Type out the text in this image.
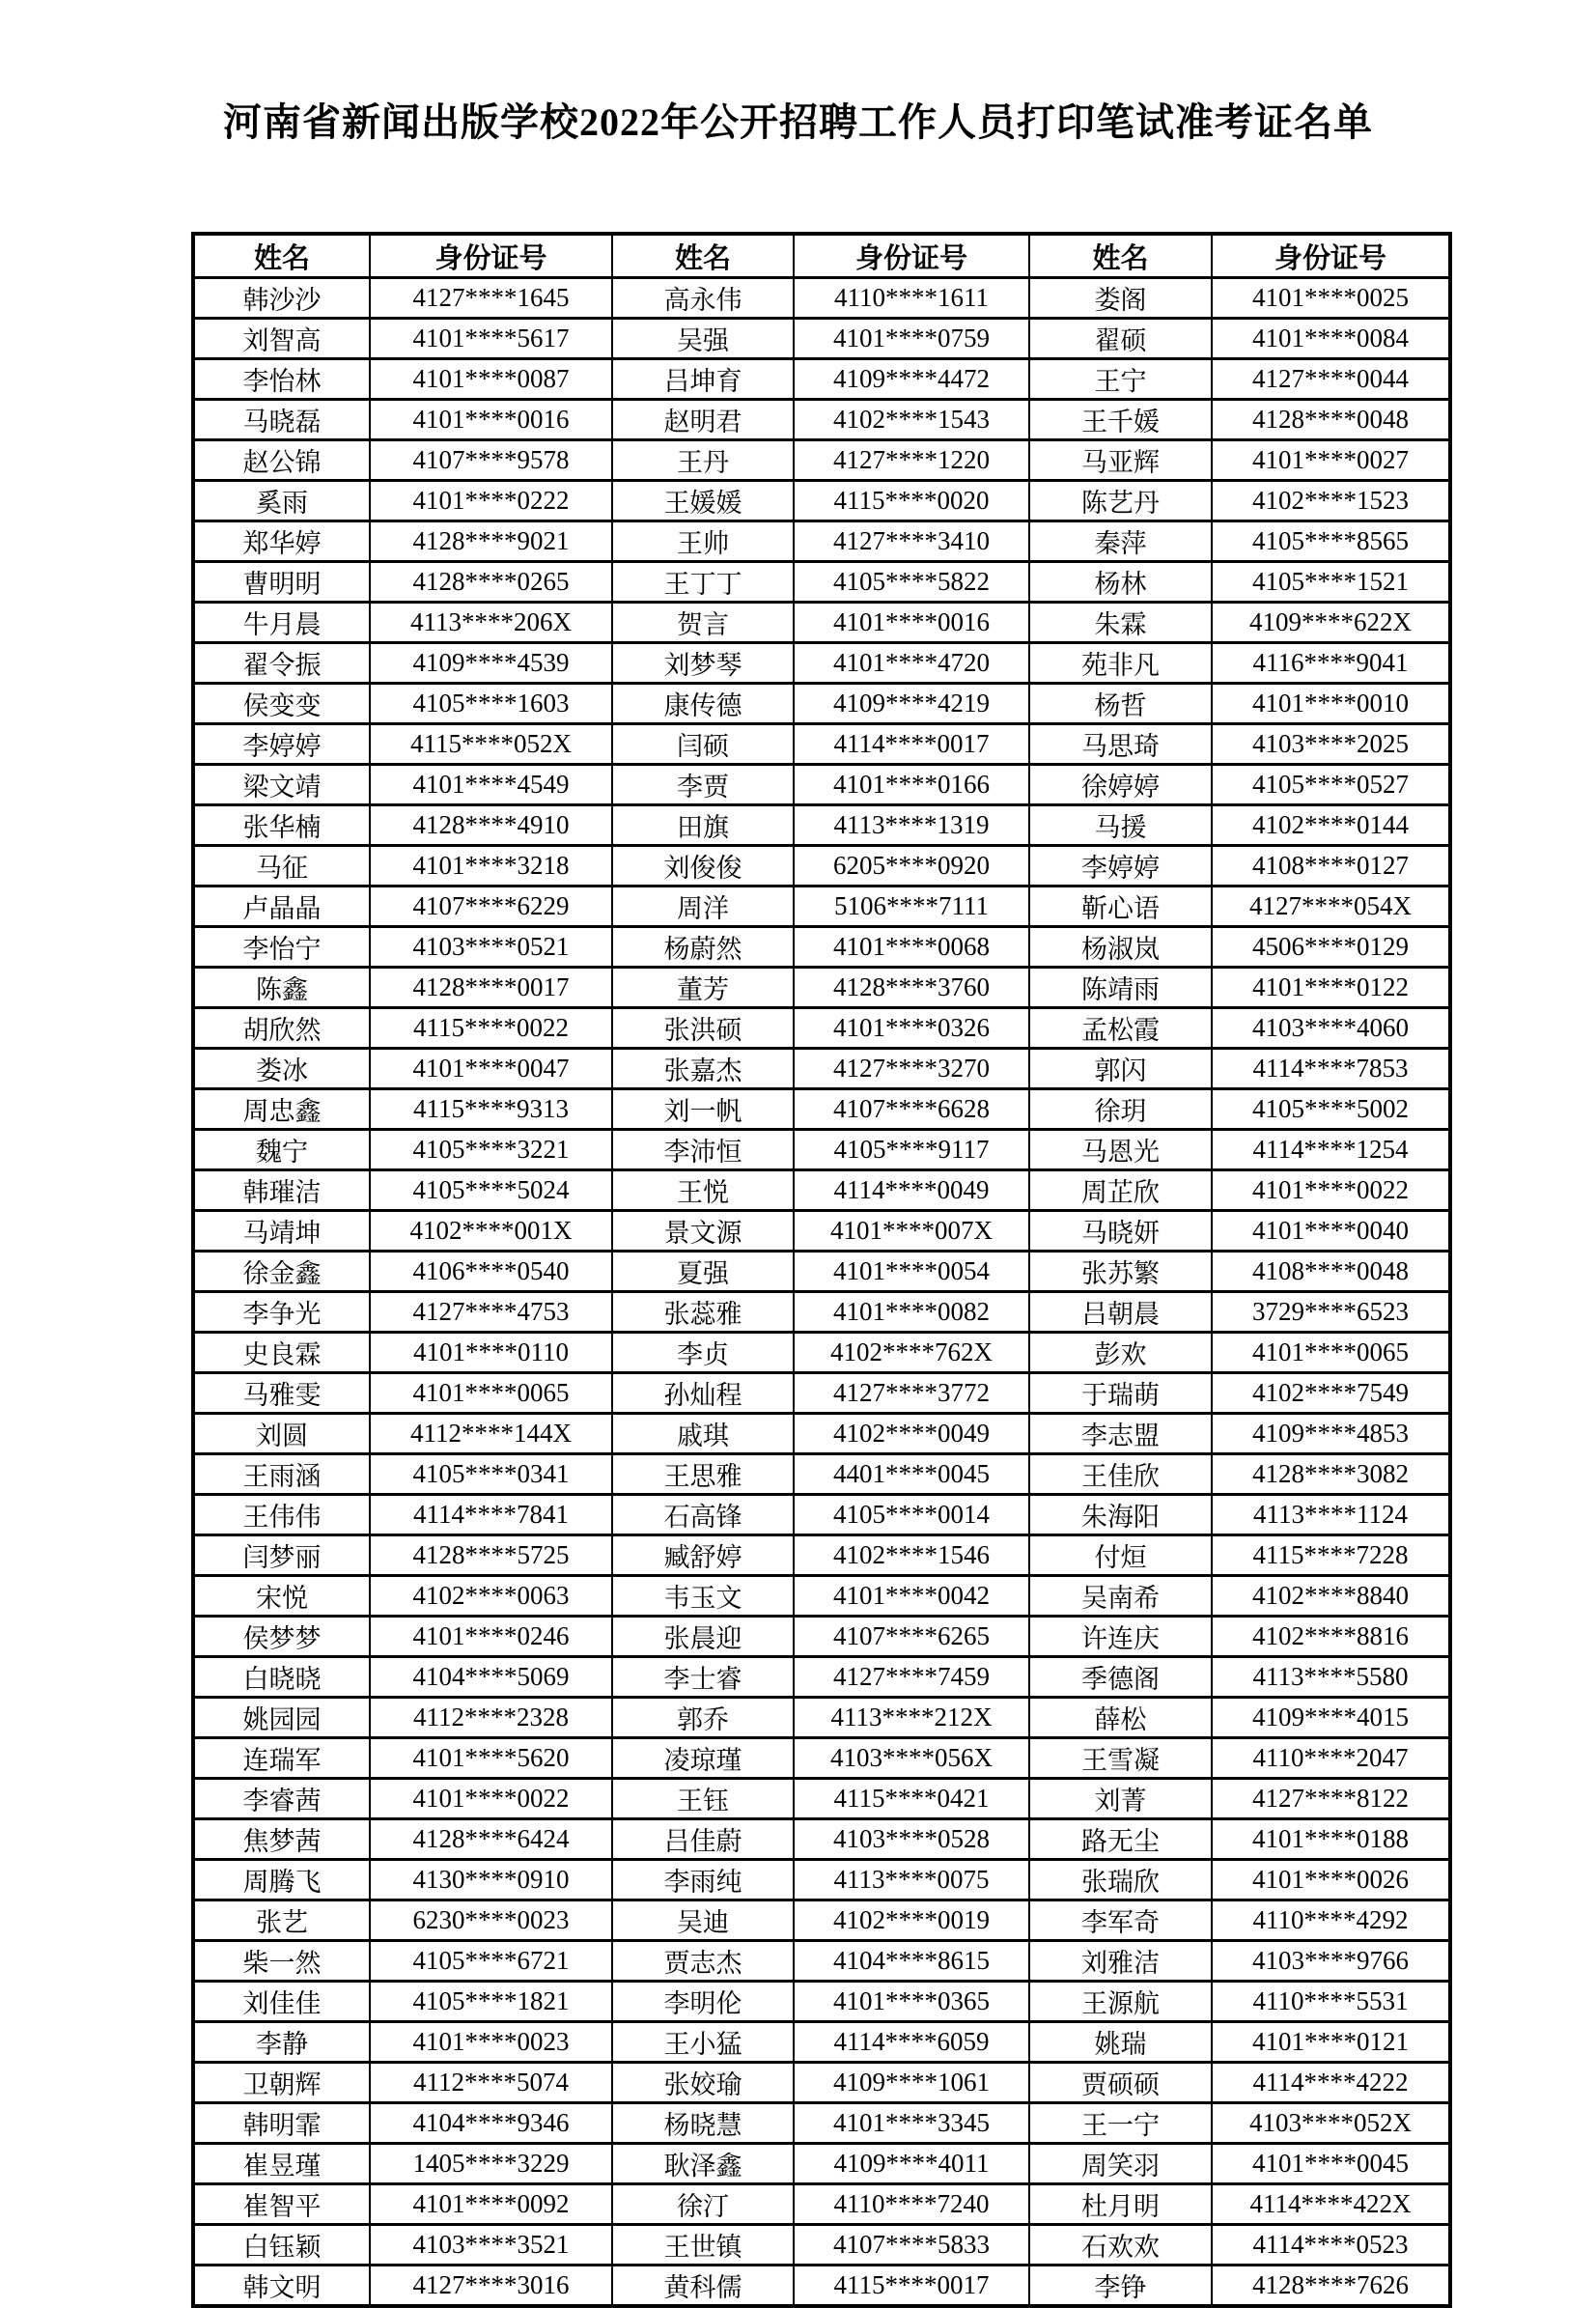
河南省新闻出版学校2022年公开招聘工作人员打印笔试准考证名单
姓名	身份证号	姓名	身份证号	姓名	身份证号
韩沙沙	4127****1645	高永伟	4110****1611	娄阁	4101****0025
刘智高	4101****5617	吴强	4101****0759	翟硕	4101****0084
李怡林	4101****0087	吕坤育	4109****4472	王宁	4127****0044
马晓磊	4101****0016	赵明君	4102****1543	王千媛	4128****0048
赵公锦	4107****9578	王丹	4127****1220	马亚辉	4101****0027
奚雨	4101****0222	王媛媛	4115****0020	陈艺丹	4102****1523
郑华婷	4128****9021	王帅	4127****3410	秦萍	4105****8565
曹明明	4128****0265	王丁丁	4105****5822	杨林	4105****1521
牛月晨	4113****206X	贺言	4101****0016	朱霖	4109****622X
翟令振	4109****4539	刘梦琴	4101****4720	苑非凡	4116****9041
侯变变	4105****1603	康传德	4109****4219	杨哲	4101****0010
李婷婷	4115****052X	闫硕	4114****0017	马思琦	4103****2025
梁文靖	4101****4549	李贾	4101****0166	徐婷婷	4105****0527
张华楠	4128****4910	田旗	4113****1319	马援	4102****0144
马征	4101****3218	刘俊俊	6205****0920	李婷婷	4108****0127
卢晶晶	4107****6229	周洋	5106****7111	靳心语	4127****054X
李怡宁	4103****0521	杨蔚然	4101****0068	杨淑岚	4506****0129
陈鑫	4128****0017	董芳	4128****3760	陈靖雨	4101****0122
胡欣然	4115****0022	张洪硕	4101****0326	孟松霞	4103****4060
娄冰	4101****0047	张嘉杰	4127****3270	郭闪	4114****7853
周忠鑫	4115****9313	刘一帆	4107****6628	徐玥	4105****5002
魏宁	4105****3221	李沛恒	4105****9117	马恩光	4114****1254
韩璀洁	4105****5024	王悦	4114****0049	周芷欣	4101****0022
马靖坤	4102****001X	景文源	4101****007X	马晓妍	4101****0040
徐金鑫	4106****0540	夏强	4101****0054	张苏繁	4108****0048
李争光	4127****4753	张蕊雅	4101****0082	吕朝晨	3729****6523
史良霖	4101****0110	李贞	4102****762X	彭欢	4101****0065
马雅雯	4101****0065	孙灿程	4127****3772	于瑞萌	4102****7549
刘圆	4112****144X	戚琪	4102****0049	李志盟	4109****4853
王雨涵	4105****0341	王思雅	4401****0045	王佳欣	4128****3082
王伟伟	4114****7841	石高锋	4105****0014	朱海阳	4113****1124
闫梦丽	4128****5725	臧舒婷	4102****1546	付烜	4115****7228
宋悦	4102****0063	韦玉文	4101****0042	吴南希	4102****8840
侯梦梦	4101****0246	张晨迎	4107****6265	许连庆	4102****8816
白晓晓	4104****5069	李士睿	4127****7459	季德阁	4113****5580
姚园园	4112****2328	郭乔	4113****212X	薛松	4109****4015
连瑞军	4101****5620	凌琼瑾	4103****056X	王雪凝	4110****2047
李睿茜	4101****0022	王钰	4115****0421	刘菁	4127****8122
焦梦茜	4128****6424	吕佳蔚	4103****0528	路无尘	4101****0188
周腾飞	4130****0910	李雨纯	4113****0075	张瑞欣	4101****0026
张艺	6230****0023	吴迪	4102****0019	李军奇	4110****4292
柴一然	4105****6721	贾志杰	4104****8615	刘雅洁	4103****9766
刘佳佳	4105****1821	李明伦	4101****0365	王源航	4110****5531
李静	4101****0023	王小猛	4114****6059	姚瑞	4101****0121
卫朝辉	4112****5074	张姣瑜	4109****1061	贾硕硕	4114****4222
韩明霏	4104****9346	杨晓慧	4101****3345	王一宁	4103****052X
崔昱瑾	1405****3229	耿泽鑫	4109****4011	周笑羽	4101****0045
崔智平	4101****0092	徐汀	4110****7240	杜月明	4114****422X
白钰颖	4103****3521	王世镇	4107****5833	石欢欢	4114****0523
韩文明	4127****3016	黄科儒	4115****0017	李铮	4128****7626
